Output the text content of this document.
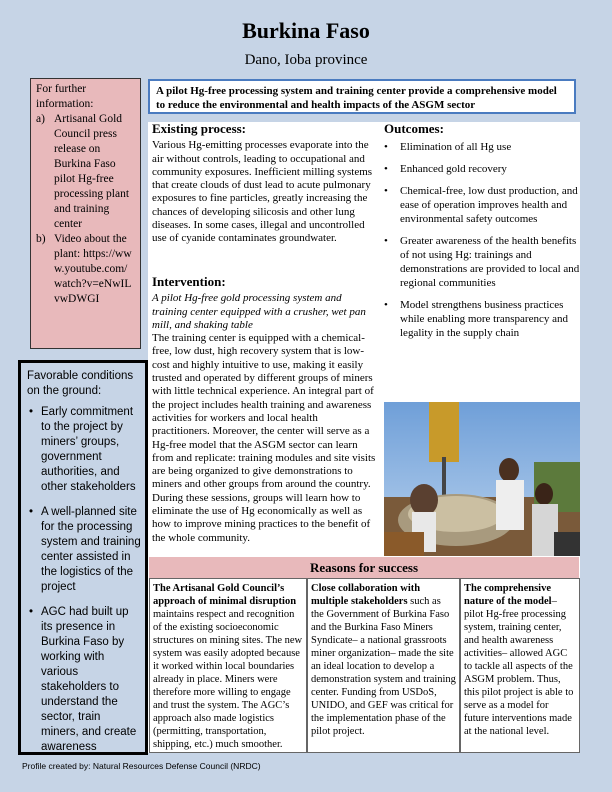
Burkina Faso
Dano, Ioba province
For further information:
a) Artisanal Gold Council press release on Burkina Faso pilot Hg-free processing plant and training center
b) Video about the plant: https://www.youtube.com/watch?v=eNwILvwDWGI
Favorable conditions on the ground:
• Early commitment to the project by miners’ groups, government authorities, and other stakeholders
• A well-planned site for the processing system and training center assisted in the logistics of the project
• AGC had built up its presence in Burkina Faso by working with various stakeholders to understand the sector, train miners, and create awareness
A pilot Hg-free processing system and training center provide a comprehensive model to reduce the environmental and health impacts of the ASGM sector
Existing process:
Various Hg-emitting processes evaporate into the air without controls, leading to occupational and community exposures. Inefficient milling systems that create clouds of dust lead to acute pulmonary exposures to fine particles, greatly increasing the chances of developing silicosis and other lung diseases. In some cases, illegal and uncontrolled use of cyanide contaminates groundwater.
Intervention:
A pilot Hg-free gold processing system and training center equipped with a crusher, wet pan mill, and shaking table
The training center is equipped with a chemical-free, low dust, high recovery system that is low-cost and highly intuitive to use, making it easily trusted and operated by different groups of miners with little technical experience. An integral part of the project includes health training and awareness activities for workers and local health practitioners. Moreover, the center will serve as a Hg-free model that the ASGM sector can learn from and replicate: training modules and site visits are being organized to give demonstrations to miners and other groups from around the country. During these sessions, groups will learn how to eliminate the use of Hg economically as well as how to improve mining practices to the benefit of the whole community.
Outcomes:
• Elimination of all Hg use
• Enhanced gold recovery
• Chemical-free, low dust production, and ease of operation improves health and environmental safety outcomes
• Greater awareness of the health benefits of not using Hg: trainings and demonstrations are provided to local and regional communities
• Model strengthens business practices while enabling more transparency and legality in the supply chain
Reasons for success
The Artisanal Gold Council’s approach of minimal disruption maintains respect and recognition of the existing socioeconomic structures on mining sites. The new system was easily adopted because it worked within local boundaries already in place. Miners were therefore more willing to engage and trust the system. The AGC’s approach also made logistics (permitting, transportation, shipping, etc.) much smoother.
Close collaboration with multiple stakeholders such as the Government of Burkina Faso and the Burkina Faso Miners Syndicate– a national grassroots miner organization– made the site an ideal location to develop a demonstration system and training center. Funding from USDoS, UNIDO, and GEF was critical for the implementation phase of the pilot project.
The comprehensive nature of the model–pilot Hg-free processing system, training center, and health awareness activities– allowed AGC to tackle all aspects of the ASGM problem. Thus, this pilot project is able to serve as a model for future interventions made at the national level.
Profile created by: Natural Resources Defense Council (NRDC)
